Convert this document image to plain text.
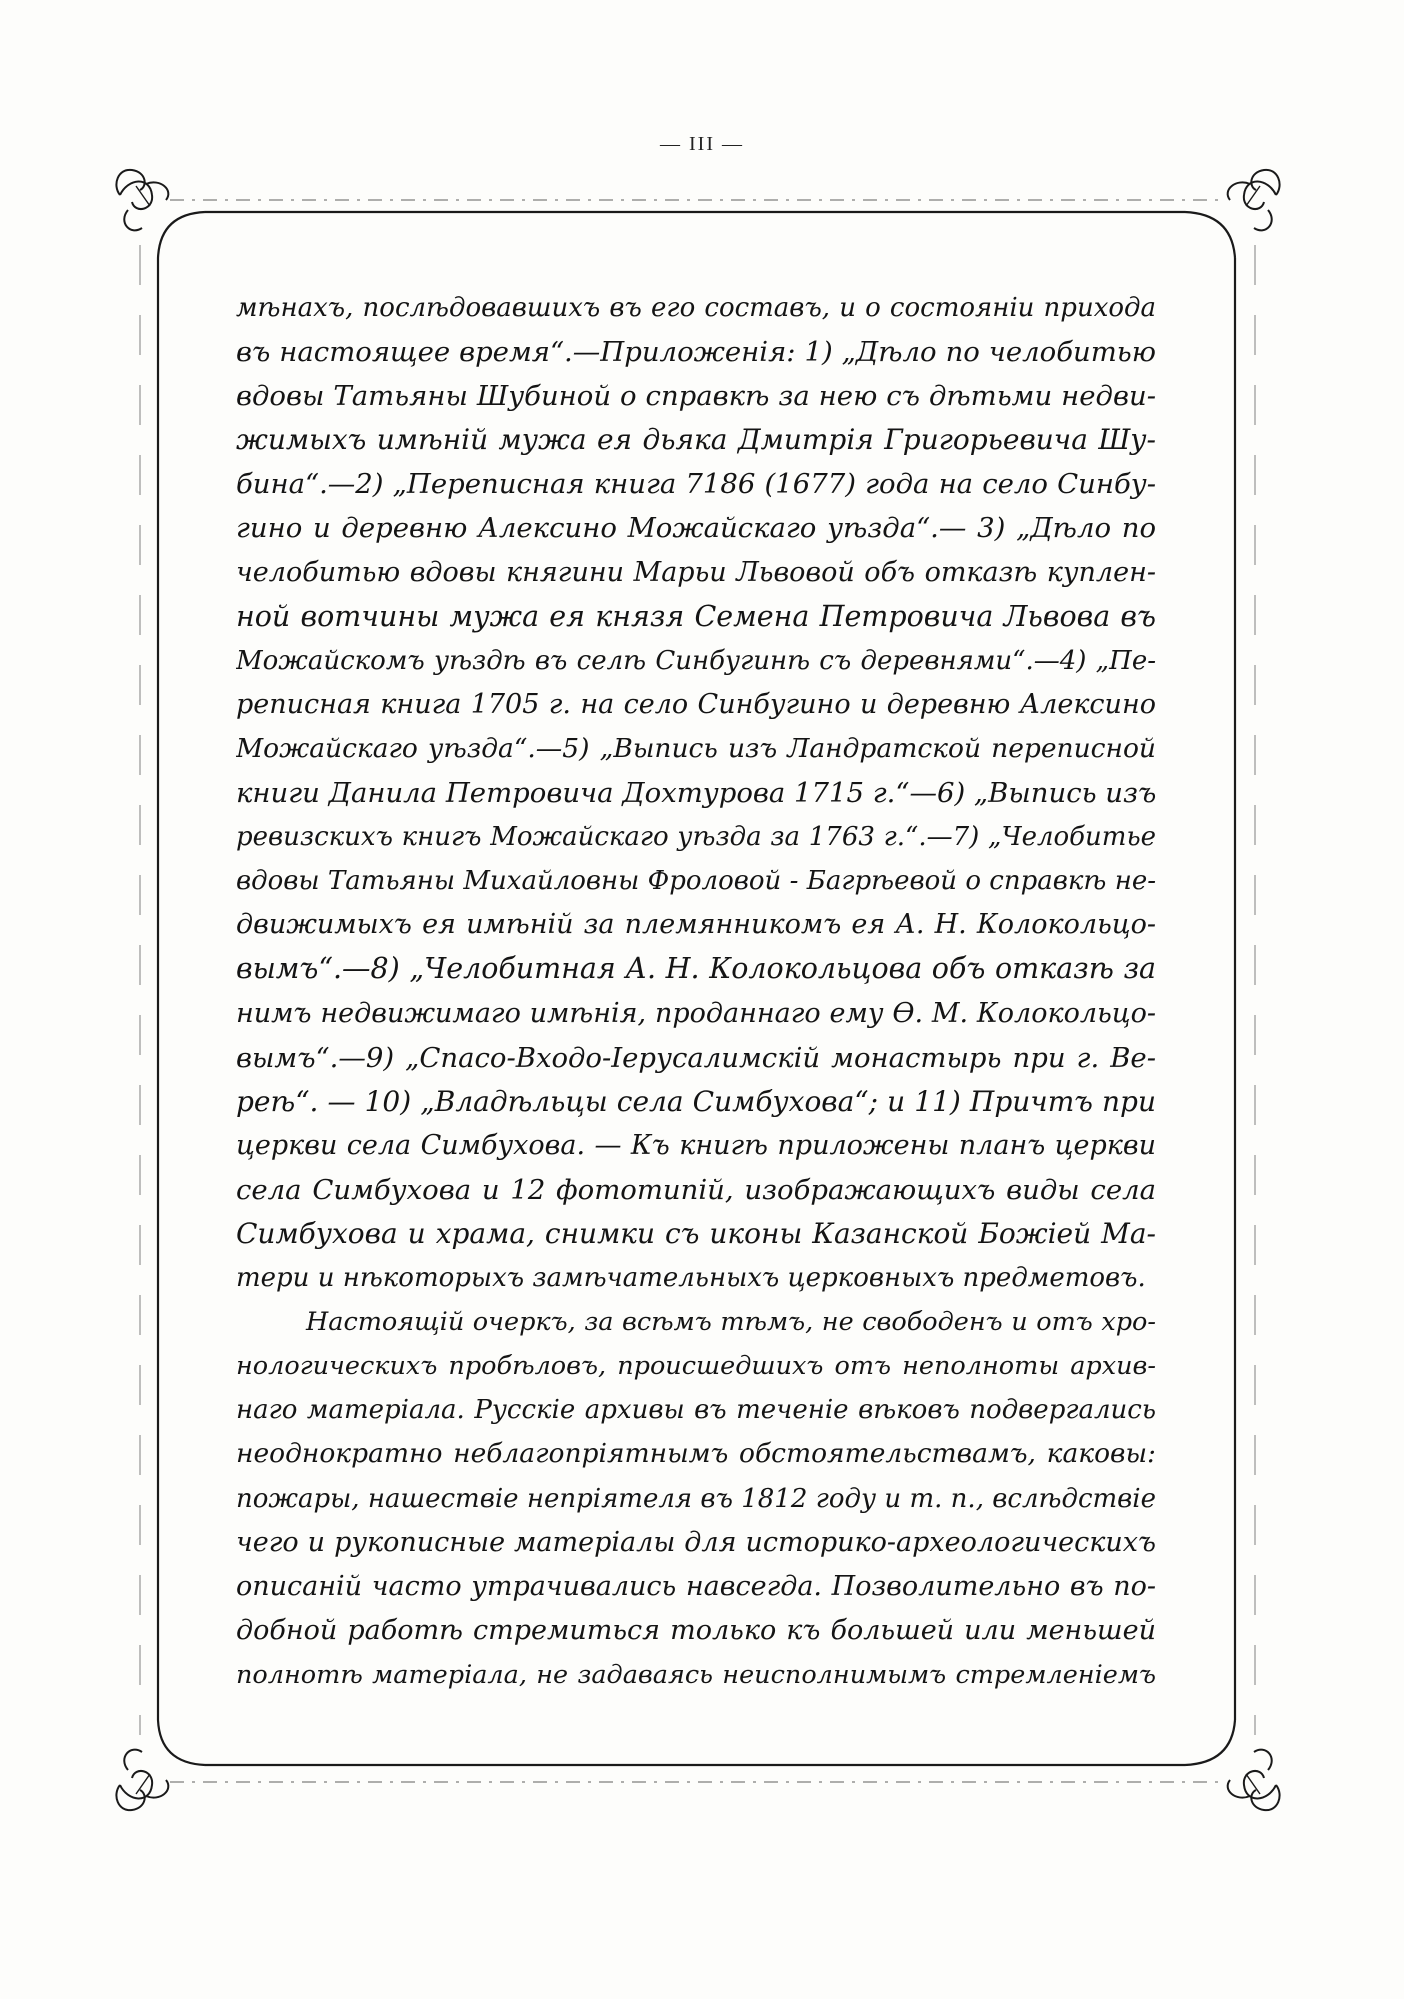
— III —
мѣнахъ, послѣдовавшихъ въ его составъ, и о состояніи прихода
въ настоящее время“.—Приложенія: 1) „Дѣло по челобитью
вдовы Татьяны Шубиной о справкѣ за нею съ дѣтьми недви-
жимыхъ имѣній мужа ея дьяка Дмитрія Григорьевича Шу-
бина“.—2) „Переписная книга 7186 (1677) года на село Синбу-
гино и деревню Алексино Можайскаго уѣзда“.— 3) „Дѣло по
челобитью вдовы княгини Марьи Львовой объ отказѣ куплен-
ной вотчины мужа ея князя Семена Петровича Львова въ
Можайскомъ уѣздѣ въ селѣ Синбугинѣ съ деревнями“.—4) „Пе-
реписная книга 1705 г. на село Синбугино и деревню Алексино
Можайскаго уѣзда“.—5) „Выпись изъ Ландратской переписной
книги Данила Петровича Дохтурова 1715 г.“—6) „Выпись изъ
ревизскихъ книгъ Можайскаго уѣзда за 1763 г.“.—7) „Челобитье
вдовы Татьяны Михайловны Фроловой - Багрѣевой о справкѣ не-
движимыхъ ея имѣній за племянникомъ ея А. Н. Колокольцо-
вымъ“.—8) „Челобитная А. Н. Колокольцова объ отказѣ за
нимъ недвижимаго имѣнія, проданнаго ему Ѳ. М. Колокольцо-
вымъ“.—9) „Спасо-Входо-Іерусалимскій монастырь при г. Ве-
реѣ“. — 10) „Владѣльцы села Симбухова“; и 11) Причтъ при
церкви села Симбухова. — Къ книгѣ приложены планъ церкви
села Симбухова и 12 фототипій, изображающихъ виды села
Симбухова и храма, снимки съ иконы Казанской Божіей Ма-
тери и нѣкоторыхъ замѣчательныхъ церковныхъ предметовъ.
Настоящій очеркъ, за всѣмъ тѣмъ, не свободенъ и отъ хро-
нологическихъ пробѣловъ, происшедшихъ отъ неполноты архив-
наго матеріала. Русскіе архивы въ теченіе вѣковъ подвергались
неоднократно неблагопріятнымъ обстоятельствамъ, каковы:
пожары, нашествіе непріятеля въ 1812 году и т. п., вслѣдствіе
чего и рукописные матеріалы для историко-археологическихъ
описаній часто утрачивались навсегда. Позволительно въ по-
добной работѣ стремиться только къ большей или меньшей
полнотѣ матеріала, не задаваясь неисполнимымъ стремленіемъ
